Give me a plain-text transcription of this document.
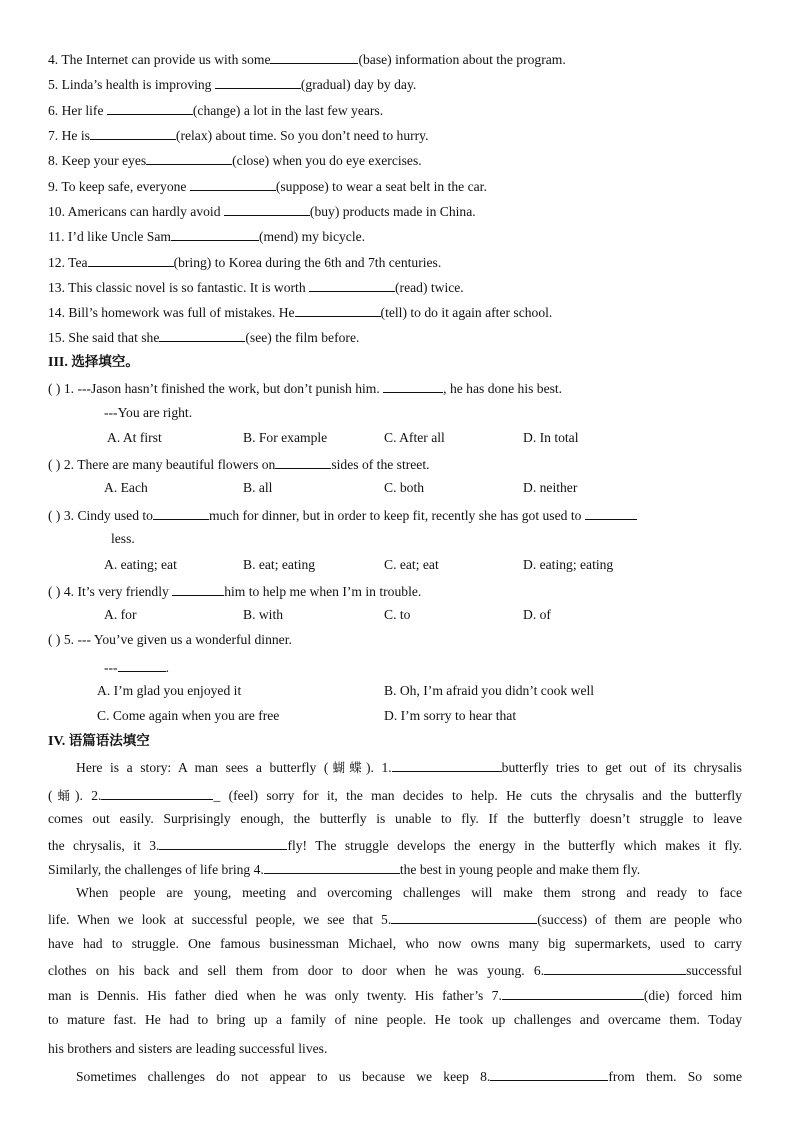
4. The Internet can provide us with some	(base) information about the program.
5. Linda’s health is improving	(gradual) day by day.
6. Her life	(change) a lot in the last few years.
7. He is	(relax) about time. So you don’t need to hurry.
8. Keep your eyes	(close) when you do eye exercises.
9. To keep safe, everyone	(suppose) to wear a seat belt in the car.
10. Americans can hardly avoid	(buy) products made in China.
11. I’d like Uncle Sam	(mend) my bicycle.
12. Tea	(bring) to Korea during the 6th and 7th centuries.
13. This classic novel is so fantastic. It is worth	(read) twice.
14. Bill’s homework was full of mistakes. He	(tell) to do it again after school.
15. She said that she	(see) the film before.
III. 选择填空。
( ) 1. ---Jason hasn’t finished the work, but don’t punish him.	, he has done his best.
---You are right.
A. At first	B. For example	C. After all	D. In total
( ) 2. There are many beautiful flowers on	sides of the street.
A. Each	B. all	C. both	D. neither
( ) 3. Cindy used to	much for dinner, but in order to keep fit, recently she has got used to
less.
A. eating; eat	B. eat; eating	C. eat; eat	D. eating; eating
( ) 4. It’s very friendly	him to help me when I’m in trouble.
A. for	B. with	C. to	D. of
( ) 5. --- You’ve given us a wonderful dinner.
---	.
A. I’m glad you enjoyed it	B. Oh, I’m afraid you didn’t cook well
C. Come again when you are free	D. I’m sorry to hear that
IV. 语篇语法填空
Here is a story: A man sees a butterfly (蝴蝶). 1.	butterfly tries to get out of its chrysalis
(蛹). 2.	_ (feel) sorry for it, the man decides to help. He cuts the chrysalis and the butterfly
comes out easily. Surprisingly enough, the butterfly is unable to fly. If the butterfly doesn’t struggle to leave
the chrysalis, it 3.	fly! The struggle develops the energy in the butterfly which makes it fly.
Similarly, the challenges of life bring 4.	the best in young people and make them fly.
When people are young, meeting and overcoming challenges will make them strong and ready to face
life. When we look at successful people, we see that 5.	(success) of them are people who
have had to struggle. One famous businessman Michael, who now owns many big supermarkets, used to carry
clothes on his back and sell them from door to door when he was young. 6.	successful
man is Dennis. His father died when he was only twenty. His father’s 7.	(die) forced him
to mature fast. He had to bring up a family of nine people. He took up challenges and overcame them. Today
his brothers and sisters are leading successful lives.
Sometimes challenges do not appear to us because we keep 8.	from them. So some
